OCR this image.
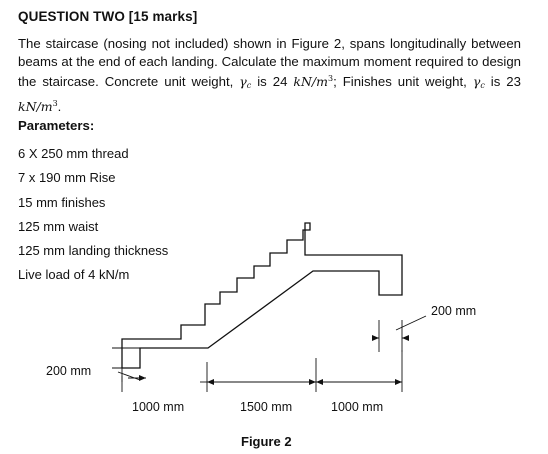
QUESTION TWO [15 marks]
The staircase (nosing not included) shown in Figure 2, spans longitudinally between beams at the end of each landing. Calculate the maximum moment required to design the staircase. Concrete unit weight, $\gamma_c$ is 24 $kN/m^3$; Finishes unit weight, $\gamma_c$ is 23 $kN/m^3$.
Parameters:
6 X 250 mm thread
7 x 190 mm Rise
15 mm finishes
125 mm waist
125 mm landing thickness
Live load of 4 kN/m
200 mm
200 mm
1000 mm	1500 mm	1000 mm
Figure 2
